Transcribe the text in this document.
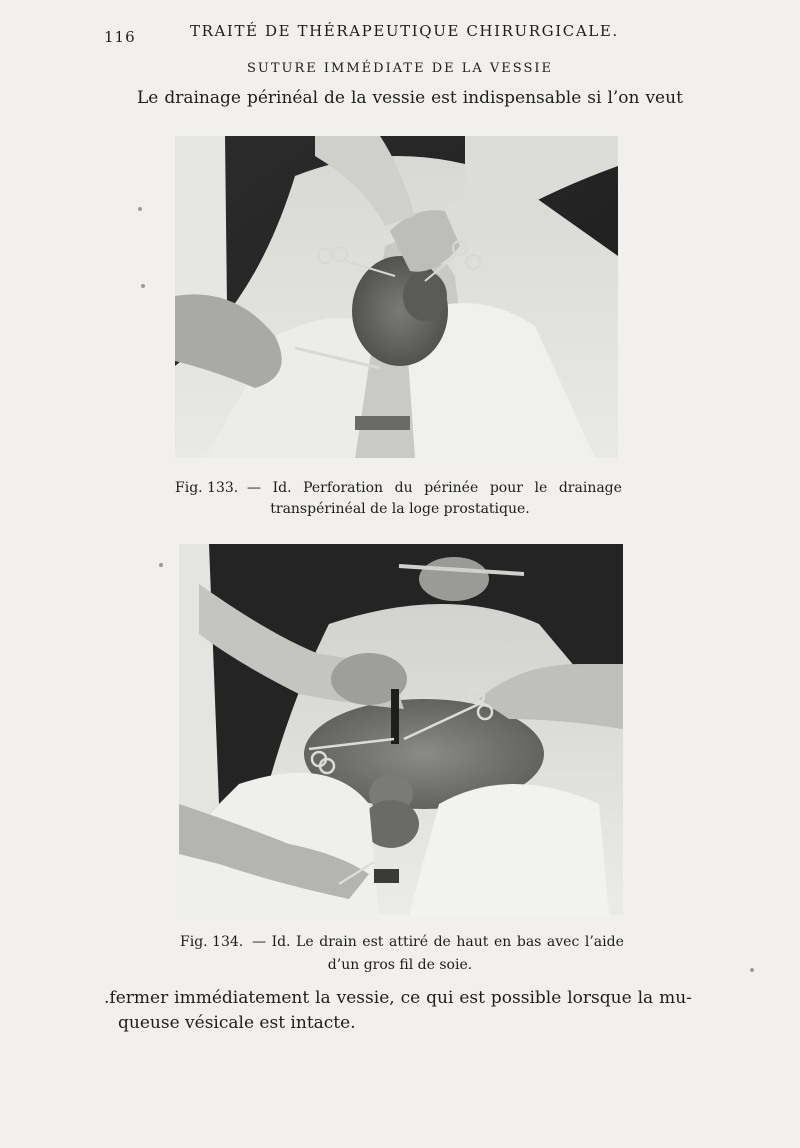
116	TRAITÉ DE THÉRAPEUTIQUE CHIRURGICALE.
SUTURE IMMÉDIATE DE LA VESSIE
Le drainage périnéal de la vessie est indispensable si l’on veut
Fig. 133. — Id. Perforation du périnée pour le drainage
transpérinéal de la loge prostatique.
Fig. 134. — Id. Le drain est attiré de haut en bas avec l’aide
d’un gros fil de soie.
.fermer immédiatement la vessie, ce qui est possible lorsque la mu-
queuse vésicale est intacte.
